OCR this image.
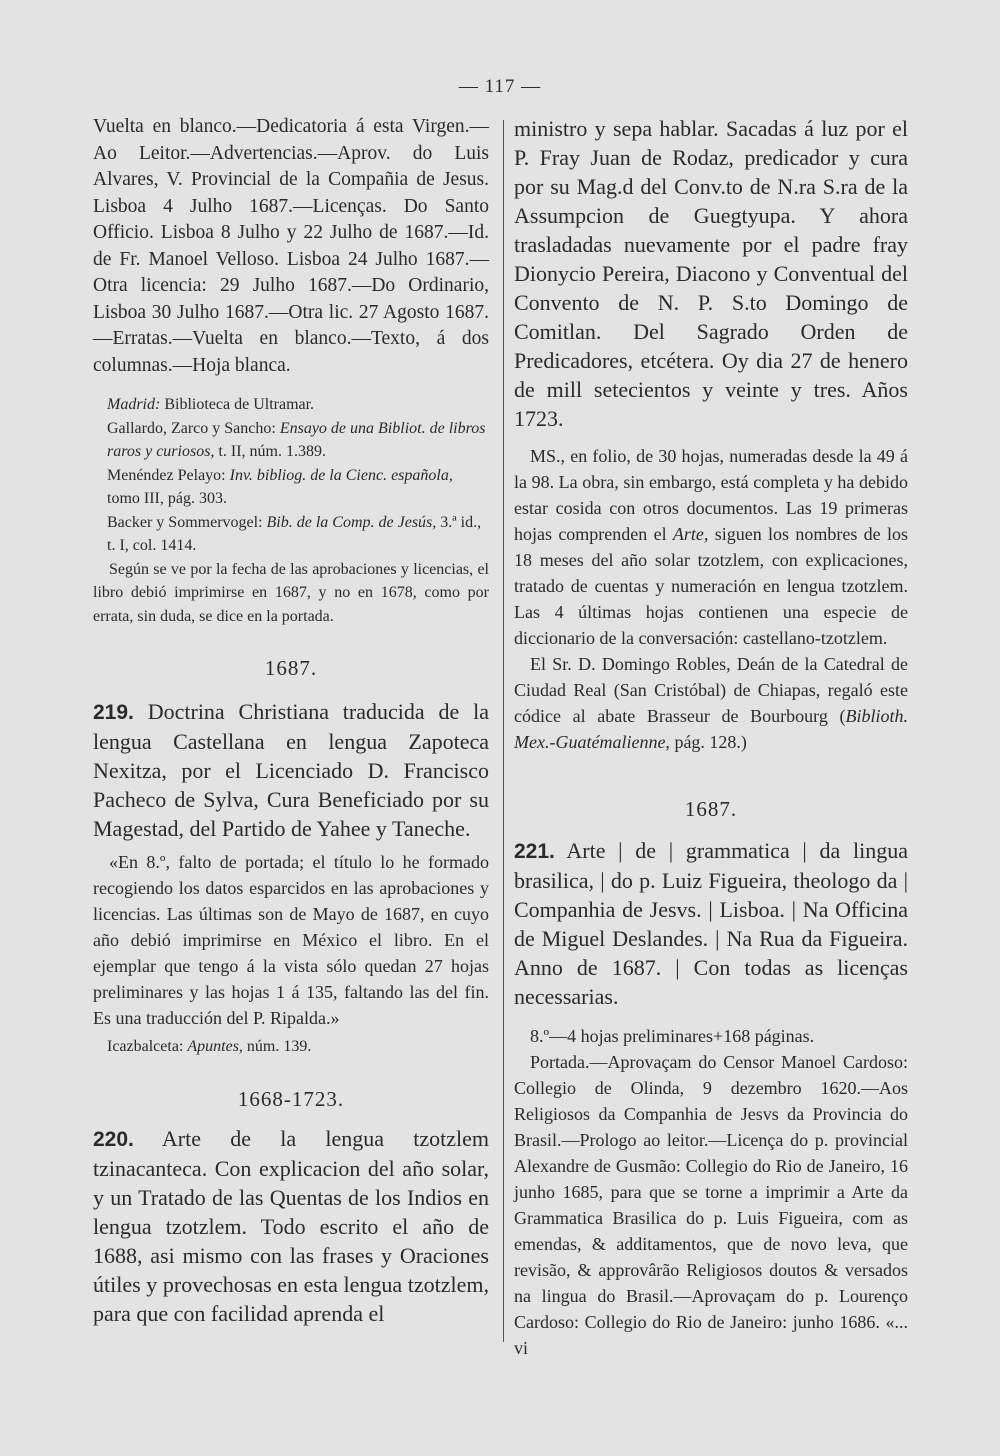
— 117 —

Vuelta en blanco.—Dedicatoria á esta Virgen.—Ao Leitor.—Advertencias.—Aprov. do Luis Alvares, V. Provincial de la Compañia de Jesus. Lisboa 4 Julho 1687.—Licenças. Do Santo Officio. Lisboa 8 Julho y 22 Julho de 1687.—Id. de Fr. Manoel Velloso. Lisboa 24 Julho 1687.—Otra licencia: 29 Julho 1687.—Do Ordinario, Lisboa 30 Julho 1687.—Otra lic. 27 Agosto 1687.—Erratas.—Vuelta en blanco.—Texto, á dos columnas.—Hoja blanca.

Madrid: Biblioteca de Ultramar.

Gallardo, Zarco y Sancho: Ensayo de una Bibliot. de libros raros y curiosos, t. II, núm. 1.389.

Menéndez Pelayo: Inv. bibliog. de la Cienc. española, tomo III, pág. 303.

Backer y Sommervogel: Bib. de la Comp. de Jesús, 3.ª id., t. I, col. 1414.

Según se ve por la fecha de las aprobaciones y licencias, el libro debió imprimirse en 1687, y no en 1678, como por errata, sin duda, se dice en la portada.

1687.

219. Doctrina Christiana traducida de la lengua Castellana en lengua Zapoteca Nexitza, por el Licenciado D. Francisco Pacheco de Sylva, Cura Beneficiado por su Magestad, del Partido de Yahee y Taneche.

«En 8.º, falto de portada; el título lo he formado recogiendo los datos esparcidos en las aprobaciones y licencias. Las últimas son de Mayo de 1687, en cuyo año debió imprimirse en México el libro. En el ejemplar que tengo á la vista sólo quedan 27 hojas preliminares y las hojas 1 á 135, faltando las del fin. Es una traducción del P. Ripalda.»

Icazbalceta: Apuntes, núm. 139.

1668-1723.

220. Arte de la lengua tzotzlem tzinacanteca. Con explicacion del año solar, y un Tratado de las Quentas de los Indios en lengua tzotzlem. Todo escrito el año de 1688, asi mismo con las frases y Oraciones útiles y provechosas en esta lengua tzotzlem, para que con facilidad aprenda el

ministro y sepa hablar. Sacadas á luz por el P. Fray Juan de Rodaz, predicador y cura por su Mag.d del Conv.to de N.ra S.ra de la Assumpcion de Guegtyupa. Y ahora trasladadas nuevamente por el padre fray Dionycio Pereira, Diacono y Conventual del Convento de N. P. S.to Domingo de Comitlan. Del Sagrado Orden de Predicadores, etcétera. Oy dia 27 de henero de mill setecientos y veinte y tres. Años 1723.

MS., en folio, de 30 hojas, numeradas desde la 49 á la 98. La obra, sin embargo, está completa y ha debido estar cosida con otros documentos. Las 19 primeras hojas comprenden el Arte, siguen los nombres de los 18 meses del año solar tzotzlem, con explicaciones, tratado de cuentas y numeración en lengua tzotzlem. Las 4 últimas hojas contienen una especie de diccionario de la conversación: castellano-tzotzlem.

El Sr. D. Domingo Robles, Deán de la Catedral de Ciudad Real (San Cristóbal) de Chiapas, regaló este códice al abate Brasseur de Bourbourg (Biblioth. Mex.-Guatémalienne, pág. 128.)

1687.

221. Arte | de | grammatica | da lingua brasilica, | do p. Luiz Figueira, theologo da | Companhia de Jesvs. | Lisboa. | Na Officina de Miguel Deslandes. | Na Rua da Figueira. Anno de 1687. | Con todas as licenças necessarias.

8.º—4 hojas preliminares+168 páginas.

Portada.—Aprovaçam do Censor Manoel Cardoso: Collegio de Olinda, 9 dezembro 1620.—Aos Religiosos da Companhia de Jesvs da Provincia do Brasil.—Prologo ao leitor.—Licença do p. provincial Alexandre de Gusmão: Collegio do Rio de Janeiro, 16 junho 1685, para que se torne a imprimir a Arte da Grammatica Brasilica do p. Luis Figueira, com as emendas, & additamentos, que de novo leva, que revisão, & approvârão Religiosos doutos & versados na lingua do Brasil.—Aprovaçam do p. Lourenço Cardoso: Collegio do Rio de Janeiro: junho 1686. «... vi
